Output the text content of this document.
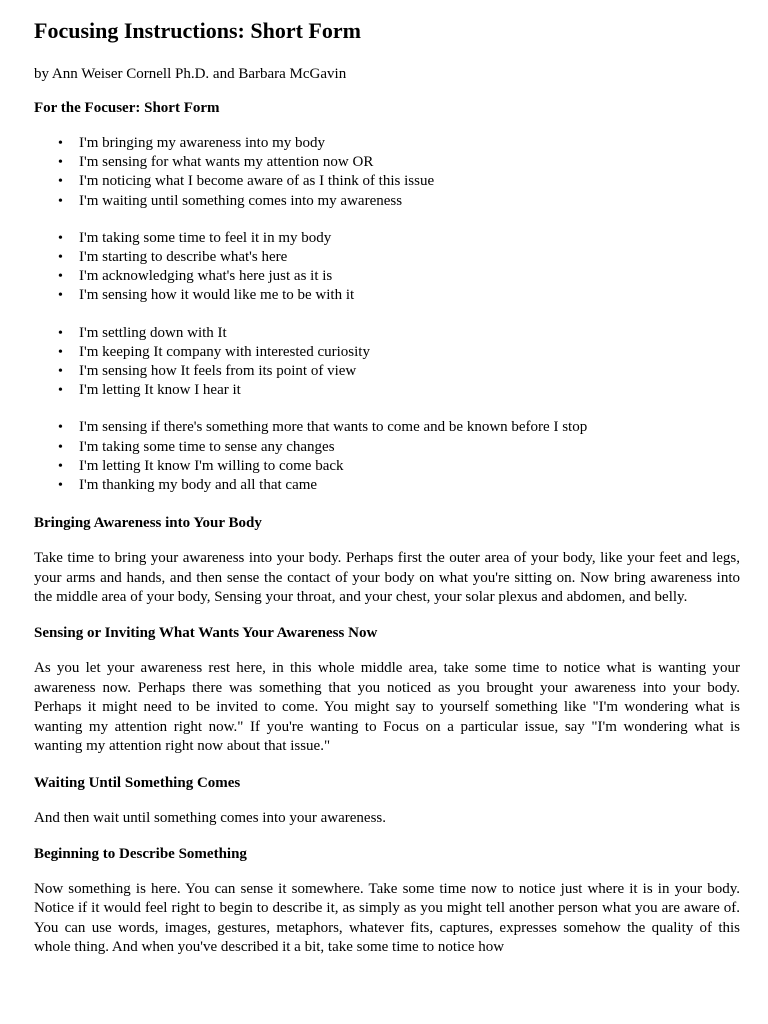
Focusing Instructions: Short Form

by Ann Weiser Cornell Ph.D. and Barbara McGavin

For the Focuser: Short Form
• I'm bringing my awareness into my body
• I'm sensing for what wants my attention now OR
• I'm noticing what I become aware of as I think of this issue
• I'm waiting until something comes into my awareness
• I'm taking some time to feel it in my body
• I'm starting to describe what's here
• I'm acknowledging what's here just as it is
• I'm sensing how it would like me to be with it
• I'm settling down with It
• I'm keeping It company with interested curiosity
• I'm sensing how It feels from its point of view
• I'm letting It know I hear it
• I'm sensing if there's something more that wants to come and be known before I stop
• I'm taking some time to sense any changes
• I'm letting It know I'm willing to come back
• I'm thanking my body and all that came
Bringing Awareness into Your Body

Take time to bring your awareness into your body. Perhaps first the outer area of your body, like your feet and legs, your arms and hands, and then sense the contact of your body on what you're sitting on. Now bring awareness into the middle area of your body, Sensing your throat, and your chest, your solar plexus and abdomen, and belly.

Sensing or Inviting What Wants Your Awareness Now

As you let your awareness rest here, in this whole middle area, take some time to notice what is wanting your awareness now. Perhaps there was something that you noticed as you brought your awareness into your body. Perhaps it might need to be invited to come. You might say to yourself something like "I'm wondering what is wanting my attention right now." If you're wanting to Focus on a particular issue, say "I'm wondering what is wanting my attention right now about that issue."

Waiting Until Something Comes

And then wait until something comes into your awareness.

Beginning to Describe Something

Now something is here. You can sense it somewhere. Take some time now to notice just where it is in your body. Notice if it would feel right to begin to describe it, as simply as you might tell another person what you are aware of. You can use words, images, gestures, metaphors, whatever fits, captures, expresses somehow the quality of this whole thing. And when you've described it a bit, take some time to notice how
